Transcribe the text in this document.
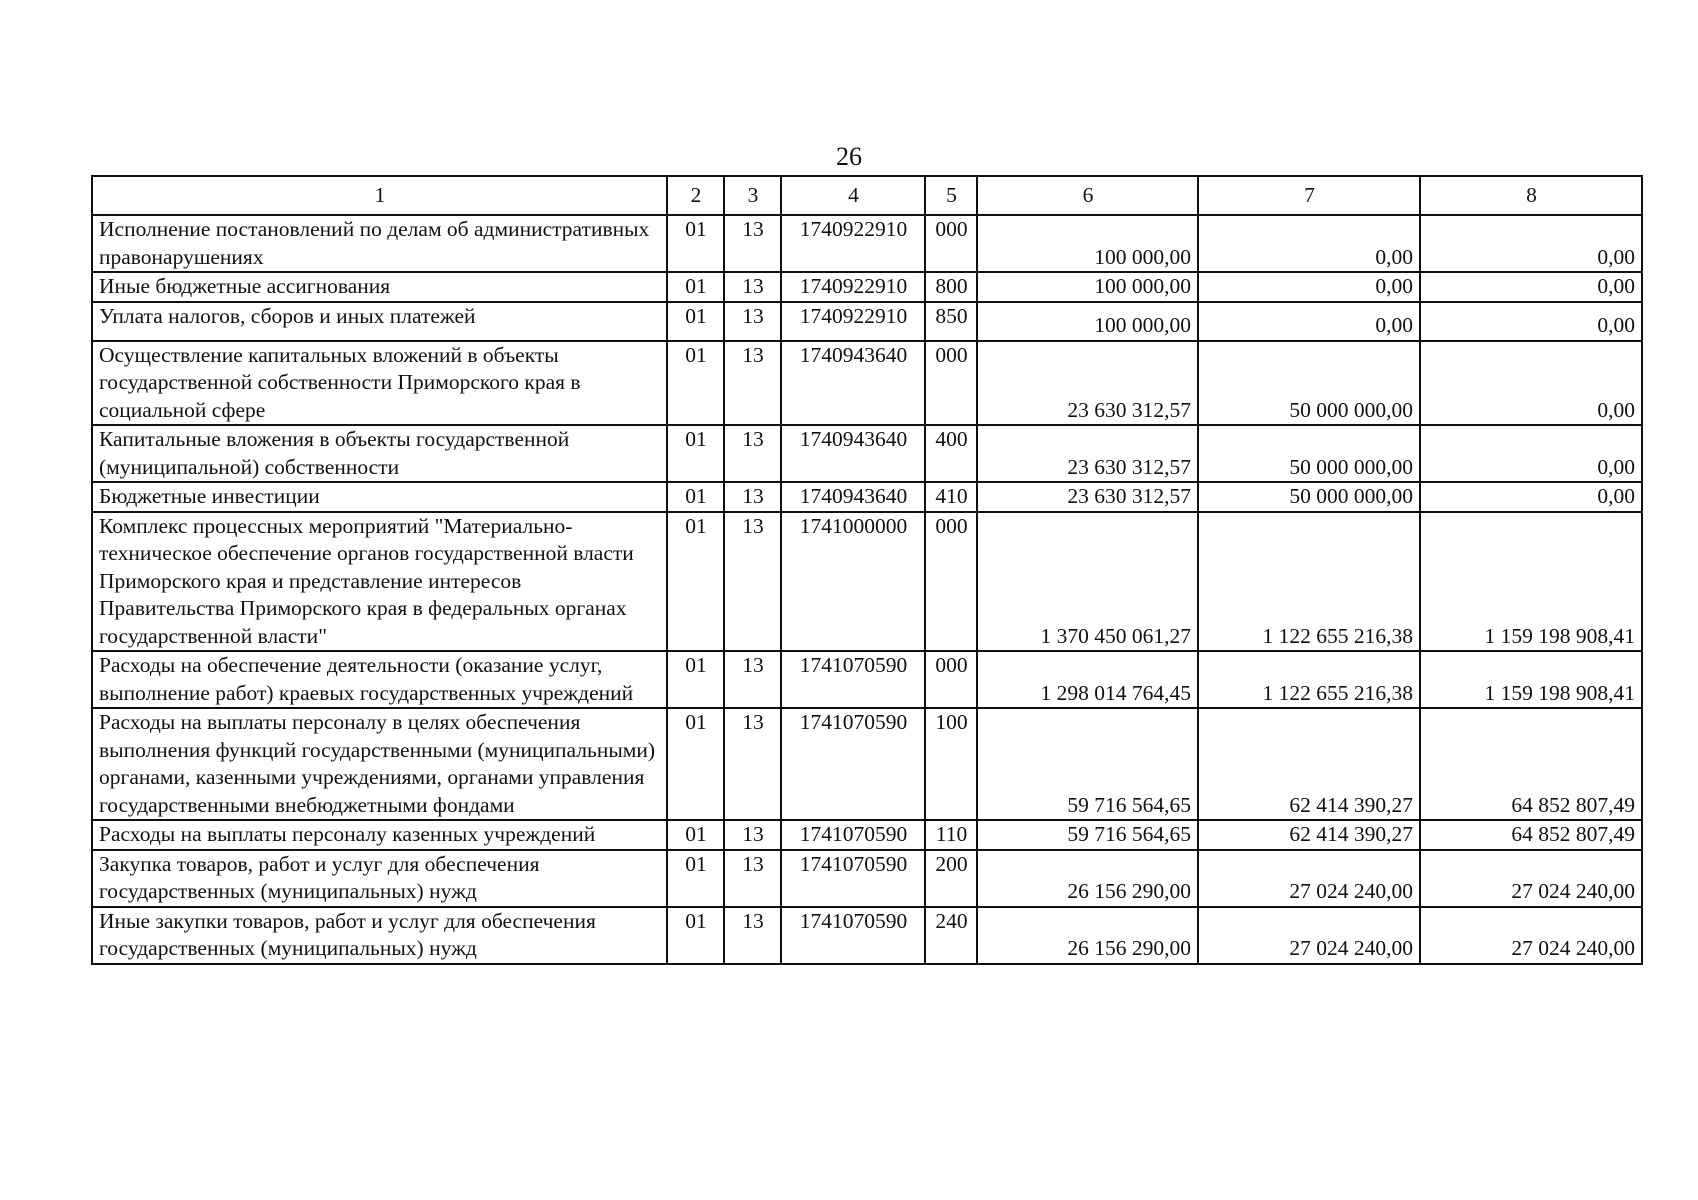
26
1	2	3	4	5	6	7	8
Исполнение постановлений по делам об административных правонарушениях	01	13	1740922910	000	100 000,00	0,00	0,00
Иные бюджетные ассигнования	01	13	1740922910	800	100 000,00	0,00	0,00
Уплата налогов, сборов и иных платежей	01	13	1740922910	850	100 000,00	0,00	0,00
Осуществление капитальных вложений в объекты государственной собственности Приморского края в социальной сфере	01	13	1740943640	000	23 630 312,57	50 000 000,00	0,00
Капитальные вложения в объекты государственной (муниципальной) собственности	01	13	1740943640	400	23 630 312,57	50 000 000,00	0,00
Бюджетные инвестиции	01	13	1740943640	410	23 630 312,57	50 000 000,00	0,00
Комплекс процессных мероприятий "Материально-техническое обеспечение органов государственной власти Приморского края и представление интересов Правительства Приморского края в федеральных органах государственной власти"	01	13	1741000000	000	1 370 450 061,27	1 122 655 216,38	1 159 198 908,41
Расходы на обеспечение деятельности (оказание услуг, выполнение работ) краевых государственных учреждений	01	13	1741070590	000	1 298 014 764,45	1 122 655 216,38	1 159 198 908,41
Расходы на выплаты персоналу в целях обеспечения выполнения функций государственными (муниципальными) органами, казенными учреждениями, органами управления государственными внебюджетными фондами	01	13	1741070590	100	59 716 564,65	62 414 390,27	64 852 807,49
Расходы на выплаты персоналу казенных учреждений	01	13	1741070590	110	59 716 564,65	62 414 390,27	64 852 807,49
Закупка товаров, работ и услуг для обеспечения государственных (муниципальных) нужд	01	13	1741070590	200	26 156 290,00	27 024 240,00	27 024 240,00
Иные закупки товаров, работ и услуг для обеспечения государственных (муниципальных) нужд	01	13	1741070590	240	26 156 290,00	27 024 240,00	27 024 240,00
